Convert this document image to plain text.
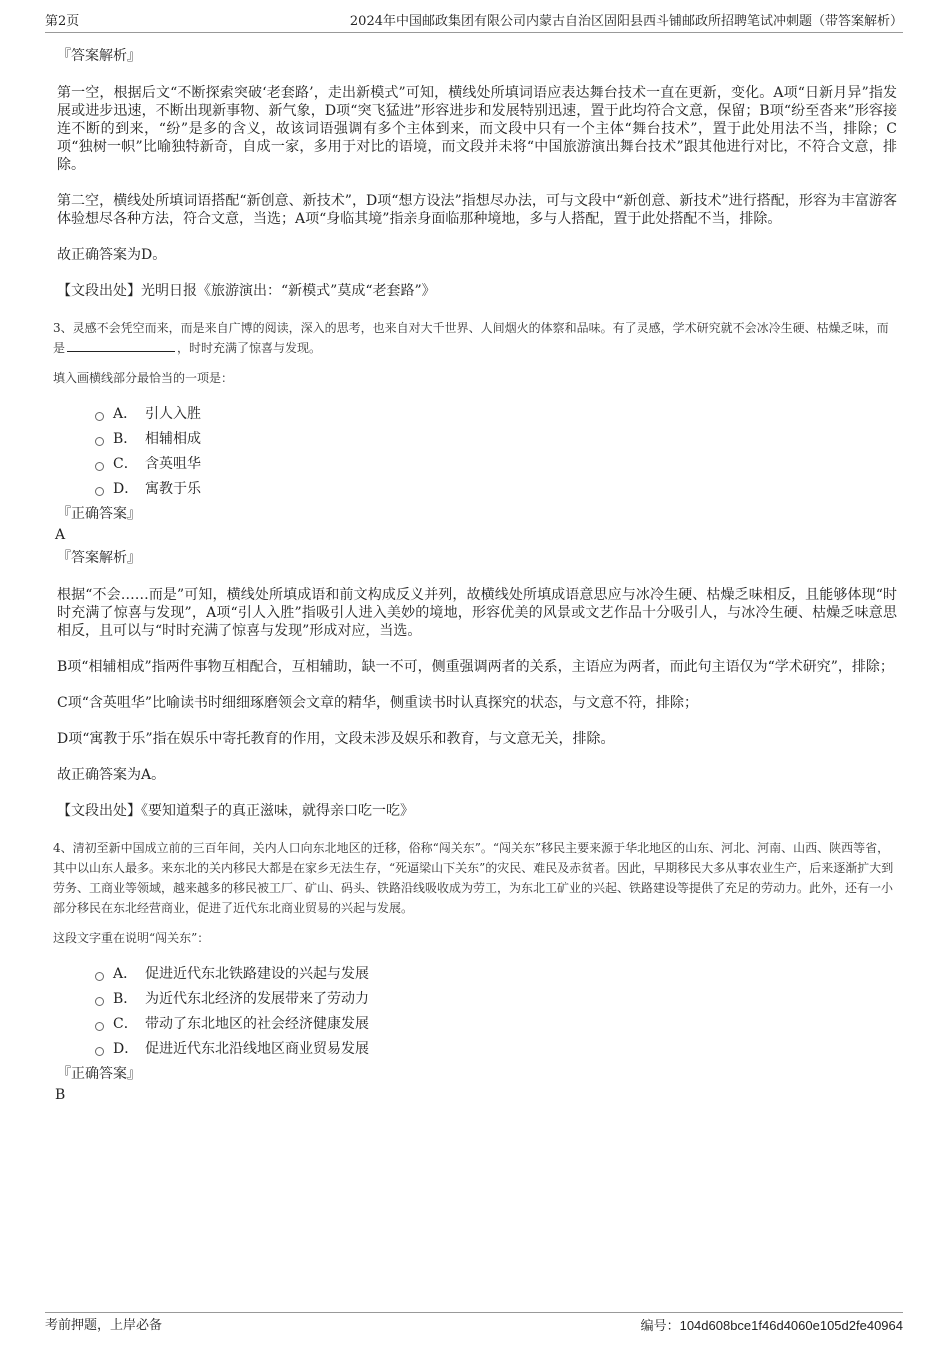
第2页	2024年中国邮政集团有限公司内蒙古自治区固阳县西斗铺邮政所招聘笔试冲刺题（带答案解析）
『答案解析』
第一空，根据后文“不断探索突破‘老套路’，走出新模式”可知，横线处所填词语应表达舞台技术一直在更新，变化。A项“日新月异”指发展或进步迅速，不断出现新事物、新气象，D项“突飞猛进”形容进步和发展特别迅速，置于此均符合文意，保留；B项“纷至沓来”形容接连不断的到来，“纷”是多的含义，故该词语强调有多个主体到来，而文段中只有一个主体“舞台技术”，置于此处用法不当，排除；C项“独树一帜”比喻独特新奇，自成一家，多用于对比的语境，而文段并未将“中国旅游演出舞台技术”跟其他进行对比，不符合文意，排除。
第二空，横线处所填词语搭配“新创意、新技术”，D项“想方设法”指想尽办法，可与文段中“新创意、新技术”进行搭配，形容为丰富游客体验想尽各种方法，符合文意，当选；A项“身临其境”指亲身面临那种境地，多与人搭配，置于此处搭配不当，排除。
故正确答案为D。
【文段出处】光明日报《旅游演出：“新模式”莫成“老套路”》
3、灵感不会凭空而来，而是来自广博的阅读，深入的思考，也来自对大千世界、人间烟火的体察和品味。有了灵感，学术研究就不会冰冷生硬、枯燥乏味，而是	，时时充满了惊喜与发现。
填入画横线部分最恰当的一项是：
A． 引人入胜
B． 相辅相成
C． 含英咀华
D． 寓教于乐
『正确答案』
A
『答案解析』
根据“不会……而是”可知，横线处所填成语和前文构成反义并列，故横线处所填成语意思应与冰冷生硬、枯燥乏味相反，且能够体现“时时充满了惊喜与发现”，A项“引人入胜”指吸引人进入美妙的境地，形容优美的风景或文艺作品十分吸引人，与冰冷生硬、枯燥乏味意思相反，且可以与“时时充满了惊喜与发现”形成对应，当选。
B项“相辅相成”指两件事物互相配合，互相辅助，缺一不可，侧重强调两者的关系，主语应为两者，而此句主语仅为“学术研究”，排除；
C项“含英咀华”比喻读书时细细琢磨领会文章的精华，侧重读书时认真探究的状态，与文意不符，排除；
D项“寓教于乐”指在娱乐中寄托教育的作用，文段未涉及娱乐和教育，与文意无关，排除。
故正确答案为A。
【文段出处】《要知道梨子的真正滋味，就得亲口吃一吃》
4、清初至新中国成立前的三百年间，关内人口向东北地区的迁移，俗称“闯关东”。“闯关东”移民主要来源于华北地区的山东、河北、河南、山西、陕西等省，其中以山东人最多。来东北的关内移民大都是在家乡无法生存，“死逼梁山下关东”的灾民、难民及赤贫者。因此，早期移民大多从事农业生产，后来逐渐扩大到劳务、工商业等领域，越来越多的移民被工厂、矿山、码头、铁路沿线吸收成为劳工，为东北工矿业的兴起、铁路建设等提供了充足的劳动力。此外，还有一小部分移民在东北经营商业，促进了近代东北商业贸易的兴起与发展。
这段文字重在说明“闯关东”：
A． 促进近代东北铁路建设的兴起与发展
B． 为近代东北经济的发展带来了劳动力
C． 带动了东北地区的社会经济健康发展
D． 促进近代东北沿线地区商业贸易发展
『正确答案』
B
考前押题，上岸必备	编号：104d608bce1f46d4060e105d2fe40964
